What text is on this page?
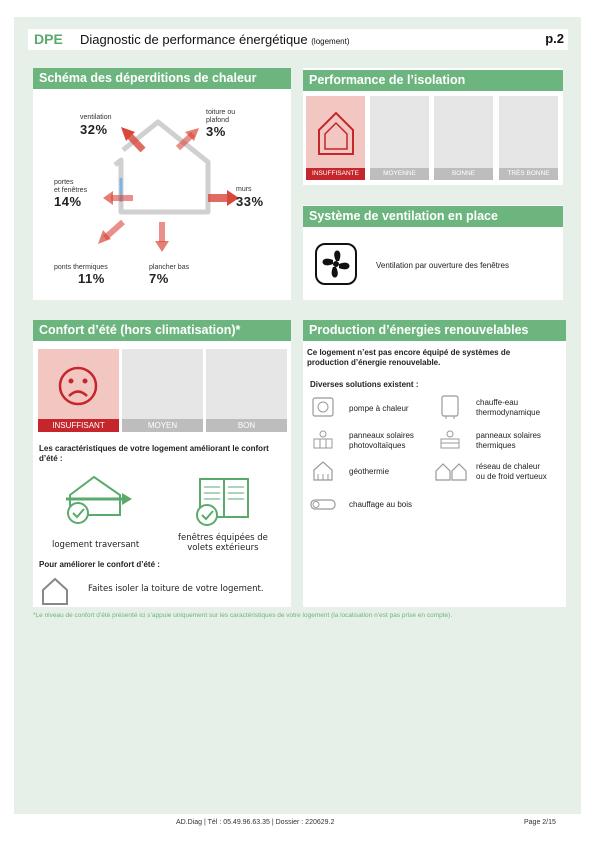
DPE Diagnostic de performance énergétique (logement)	p.2
Schéma des déperditions de chaleur
ventilation
32%
toiture ou
plafond
3%
portes
et fenêtres
14%
murs
33%
ponts thermiques
11%
plancher bas
7%
Performance de l’isolation
INSUFFISANTE	MOYENNE	BONNE	TRÈS BONNE
Système de ventilation en place
Ventilation par ouverture des fenêtres
Confort d’été (hors climatisation)*
INSUFFISANT	MOYEN	BON
Les caractéristiques de votre logement améliorant le confort d’été :
logement traversant
fenêtres équipées de
volets extérieurs
Pour améliorer le confort d’été :
Faites isoler la toiture de votre logement.
Production d’énergies renouvelables
Ce logement n’est pas encore équipé de systèmes de production d’énergie renouvelable.
Diverses solutions existent :
pompe à chaleur
chauffe-eau
thermodynamique
panneaux solaires
photovoltaïques
panneaux solaires
thermiques
géothermie
réseau de chaleur
ou de froid vertueux
chauffage au bois
*Le niveau de confort d’été présenté ici s’appuie uniquement sur les caractéristiques de votre logement (la localisation n’est pas prise en compte).
AD.Diag | Tél : 05.49.96.63.35 | Dossier : 220629.2	Page 2/15
